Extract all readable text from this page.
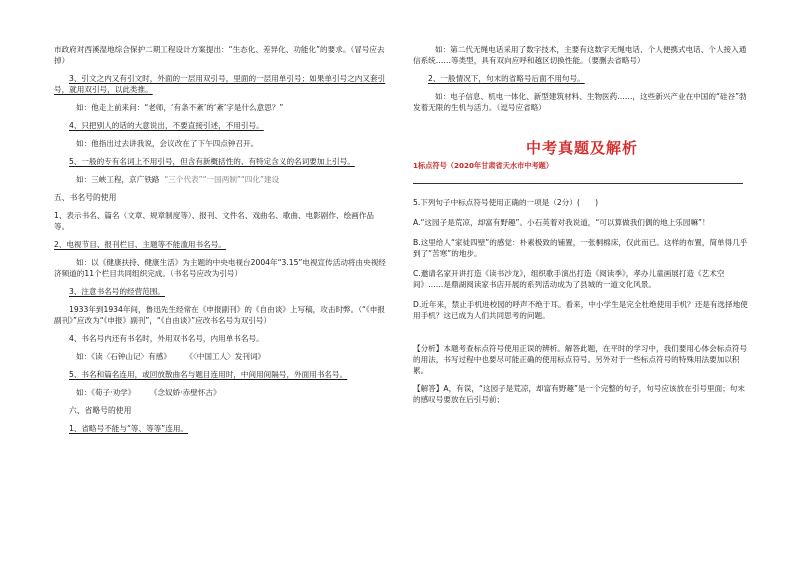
市政府对西溪湿地综合保护二期工程设计方案提出：“生态化、差异化、功能化”的要求。（冒号应去掉）

3、引文之内又有引文时，外面的一层用双引号，里面的一层用单引号；如果单引号之内又套引号，就用双引号，以此类推。

如：他走上前来问：“老师，‘有条不紊’的‘紊’字是什么意思？”

4、只把别人的话的大意说出，不要直接引述，不用引号。

如：他指出过去讲我说，会议改在了下午四点钟召开。

5、一般的专有名词上不用引号，但含有新概括性的、有特定含义的名词要加上引号。

如：三峡工程，京广铁路 “三个代表”“一国两制”“四化”建设

五、书名号的使用

1、表示书名、篇名（文章、规章制度等）、报刊、文件名、戏曲名、歌曲、电影剧作、绘画作品等。

2、电视节目、报刊栏目、主题等不能滥用书名号。

如：以《健康扶持、健康生活》为主题的中央电视台2004年“3.15”电视宣传活动将由央视经济频道的11个栏目共同组织完成。（书名号应改为引号）

3、注意书名号的经营范围。

1933年到1934年间，鲁迅先生经常在《申报副刊》的《自由谈》上写稿，攻击时弊。（“《申报副刊》”应改为“《申报》副刊”，“《自由谈》”应改书名号为双引号）

4、书名号内还有书名时，外用双书名号，内用单书名号。

如：《读〈石钟山记〉有感》 《〈中国工人〉发刊词》

5、书名和篇名连用，或回放散曲名与题目连用时，中间用间隔号，外面用书名号。

如：《荀子·劝学》 《念奴娇·赤壁怀古》

六、省略号的使用

1、省略号不能与“等、等等”连用。

如：第二代无绳电话采用了数字技术，主要有这数字无绳电话、个人便携式电话、个人接入通信系统……等类型，具有双向应呼和越区切换性能。（要删去省略号）

2、一般情况下，句末的省略号后面不用句号。

如：电子信息、机电一体化、新型建筑材料、生物医药……，这些新兴产业在中国的“硅谷”勃发着无限的生机与活力。（逗号应省略）

中考真题及解析
1标点符号（2020年甘肃省天水市中考题）

5.下列句子中标点符号使用正确的一项是（2分）(　　)

A.“这园子是荒凉，却富有野趣”。小石英着对我说道，“可以算做我们偶的地上乐园嘛”！

B.这里给人“家徒四壁”的感觉：朴素极致的铺置，一张桐棉床，仅此而已。这样的布置，简单得几乎到了“苦寒”的地步。

C.邀请名家开讲打造《读书沙龙》，组织歌手演出打造《阅读季》，孝办儿童画展打造《艺术空间》……是鼎湖阅读家书店开展的系列活动成为了县城的一道文化风景。

D.近年来，禁止手机进校园的呼声不绝于耳。看来，中小学生是完全杜绝使用手机？还是有选择地使用手机？这已成为人们共同思考的问题。

【分析】本题考查标点符号使用正误的辨析。解答此题，在平时的学习中，我们要用心体会标点符号的用法，书写过程中也要尽可能正确的使用标点符号。另外对于一些标点符号的特殊用法要加以积累。

【解答】A，有误，“这园子是荒凉，却富有野趣”是一个完整的句子，句号应该放在引号里面；句末的感叹号要放在后引号前；
